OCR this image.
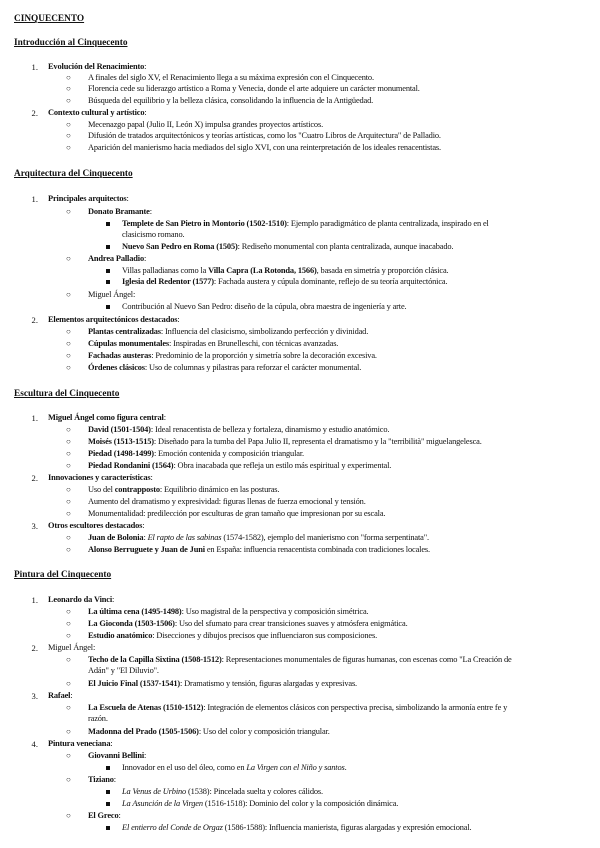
CINQUECENTO
Introducción al Cinquecento
1. Evolución del Renacimiento:
○ A finales del siglo XV, el Renacimiento llega a su máxima expresión con el Cinquecento.
○ Florencia cede su liderazgo artístico a Roma y Venecia, donde el arte adquiere un carácter monumental.
○ Búsqueda del equilibrio y la belleza clásica, consolidando la influencia de la Antigüedad.
2. Contexto cultural y artístico:
○ Mecenazgo papal (Julio II, León X) impulsa grandes proyectos artísticos.
○ Difusión de tratados arquitectónicos y teorías artísticas, como los "Cuatro Libros de Arquitectura" de Palladio.
○ Aparición del manierismo hacia mediados del siglo XVI, con una reinterpretación de los ideales renacentistas.
Arquitectura del Cinquecento
1. Principales arquitectos:
○ Donato Bramante:
Templete de San Pietro in Montorio (1502-1510): Ejemplo paradigmático de planta centralizada, inspirado en el
clasicismo romano.
Nuevo San Pedro en Roma (1505): Rediseño monumental con planta centralizada, aunque inacabado.
○ Andrea Palladio:
Villas palladianas como la Villa Capra (La Rotonda, 1566), basada en simetría y proporción clásica.
Iglesia del Redentor (1577): Fachada austera y cúpula dominante, reflejo de su teoría arquitectónica.
○ Miguel Ángel:
Contribución al Nuevo San Pedro: diseño de la cúpula, obra maestra de ingeniería y arte.
2. Elementos arquitectónicos destacados:
○ Plantas centralizadas: Influencia del clasicismo, simbolizando perfección y divinidad.
○ Cúpulas monumentales: Inspiradas en Brunelleschi, con técnicas avanzadas.
○ Fachadas austeras: Predominio de la proporción y simetría sobre la decoración excesiva.
○ Órdenes clásicos: Uso de columnas y pilastras para reforzar el carácter monumental.
Escultura del Cinquecento
1. Miguel Ángel como figura central:
○ David (1501-1504): Ideal renacentista de belleza y fortaleza, dinamismo y estudio anatómico.
○ Moisés (1513-1515): Diseñado para la tumba del Papa Julio II, representa el dramatismo y la "terribilità" miguelangelesca.
○ Piedad (1498-1499): Emoción contenida y composición triangular.
○ Piedad Rondanini (1564): Obra inacabada que refleja un estilo más espiritual y experimental.
2. Innovaciones y características:
○ Uso del contrapposto: Equilibrio dinámico en las posturas.
○ Aumento del dramatismo y expresividad: figuras llenas de fuerza emocional y tensión.
○ Monumentalidad: predilección por esculturas de gran tamaño que impresionan por su escala.
3. Otros escultores destacados:
○ Juan de Bolonia: El rapto de las sabinas (1574-1582), ejemplo del manierismo con "forma serpentinata".
○ Alonso Berruguete y Juan de Juni en España: influencia renacentista combinada con tradiciones locales.
Pintura del Cinquecento
1. Leonardo da Vinci:
○ La última cena (1495-1498): Uso magistral de la perspectiva y composición simétrica.
○ La Gioconda (1503-1506): Uso del sfumato para crear transiciones suaves y atmósfera enigmática.
○ Estudio anatómico: Disecciones y dibujos precisos que influenciaron sus composiciones.
2. Miguel Ángel:
○ Techo de la Capilla Sixtina (1508-1512): Representaciones monumentales de figuras humanas, con escenas como "La Creación de
Adán" y "El Diluvio".
○ El Juicio Final (1537-1541): Dramatismo y tensión, figuras alargadas y expresivas.
3. Rafael:
○ La Escuela de Atenas (1510-1512): Integración de elementos clásicos con perspectiva precisa, simbolizando la armonía entre fe y
razón.
○ Madonna del Prado (1505-1506): Uso del color y composición triangular.
4. Pintura veneciana:
○ Giovanni Bellini:
Innovador en el uso del óleo, como en La Virgen con el Niño y santos.
○ Tiziano:
La Venus de Urbino (1538): Pincelada suelta y colores cálidos.
La Asunción de la Virgen (1516-1518): Dominio del color y la composición dinámica.
○ El Greco:
El entierro del Conde de Orgaz (1586-1588): Influencia manierista, figuras alargadas y expresión emocional.
